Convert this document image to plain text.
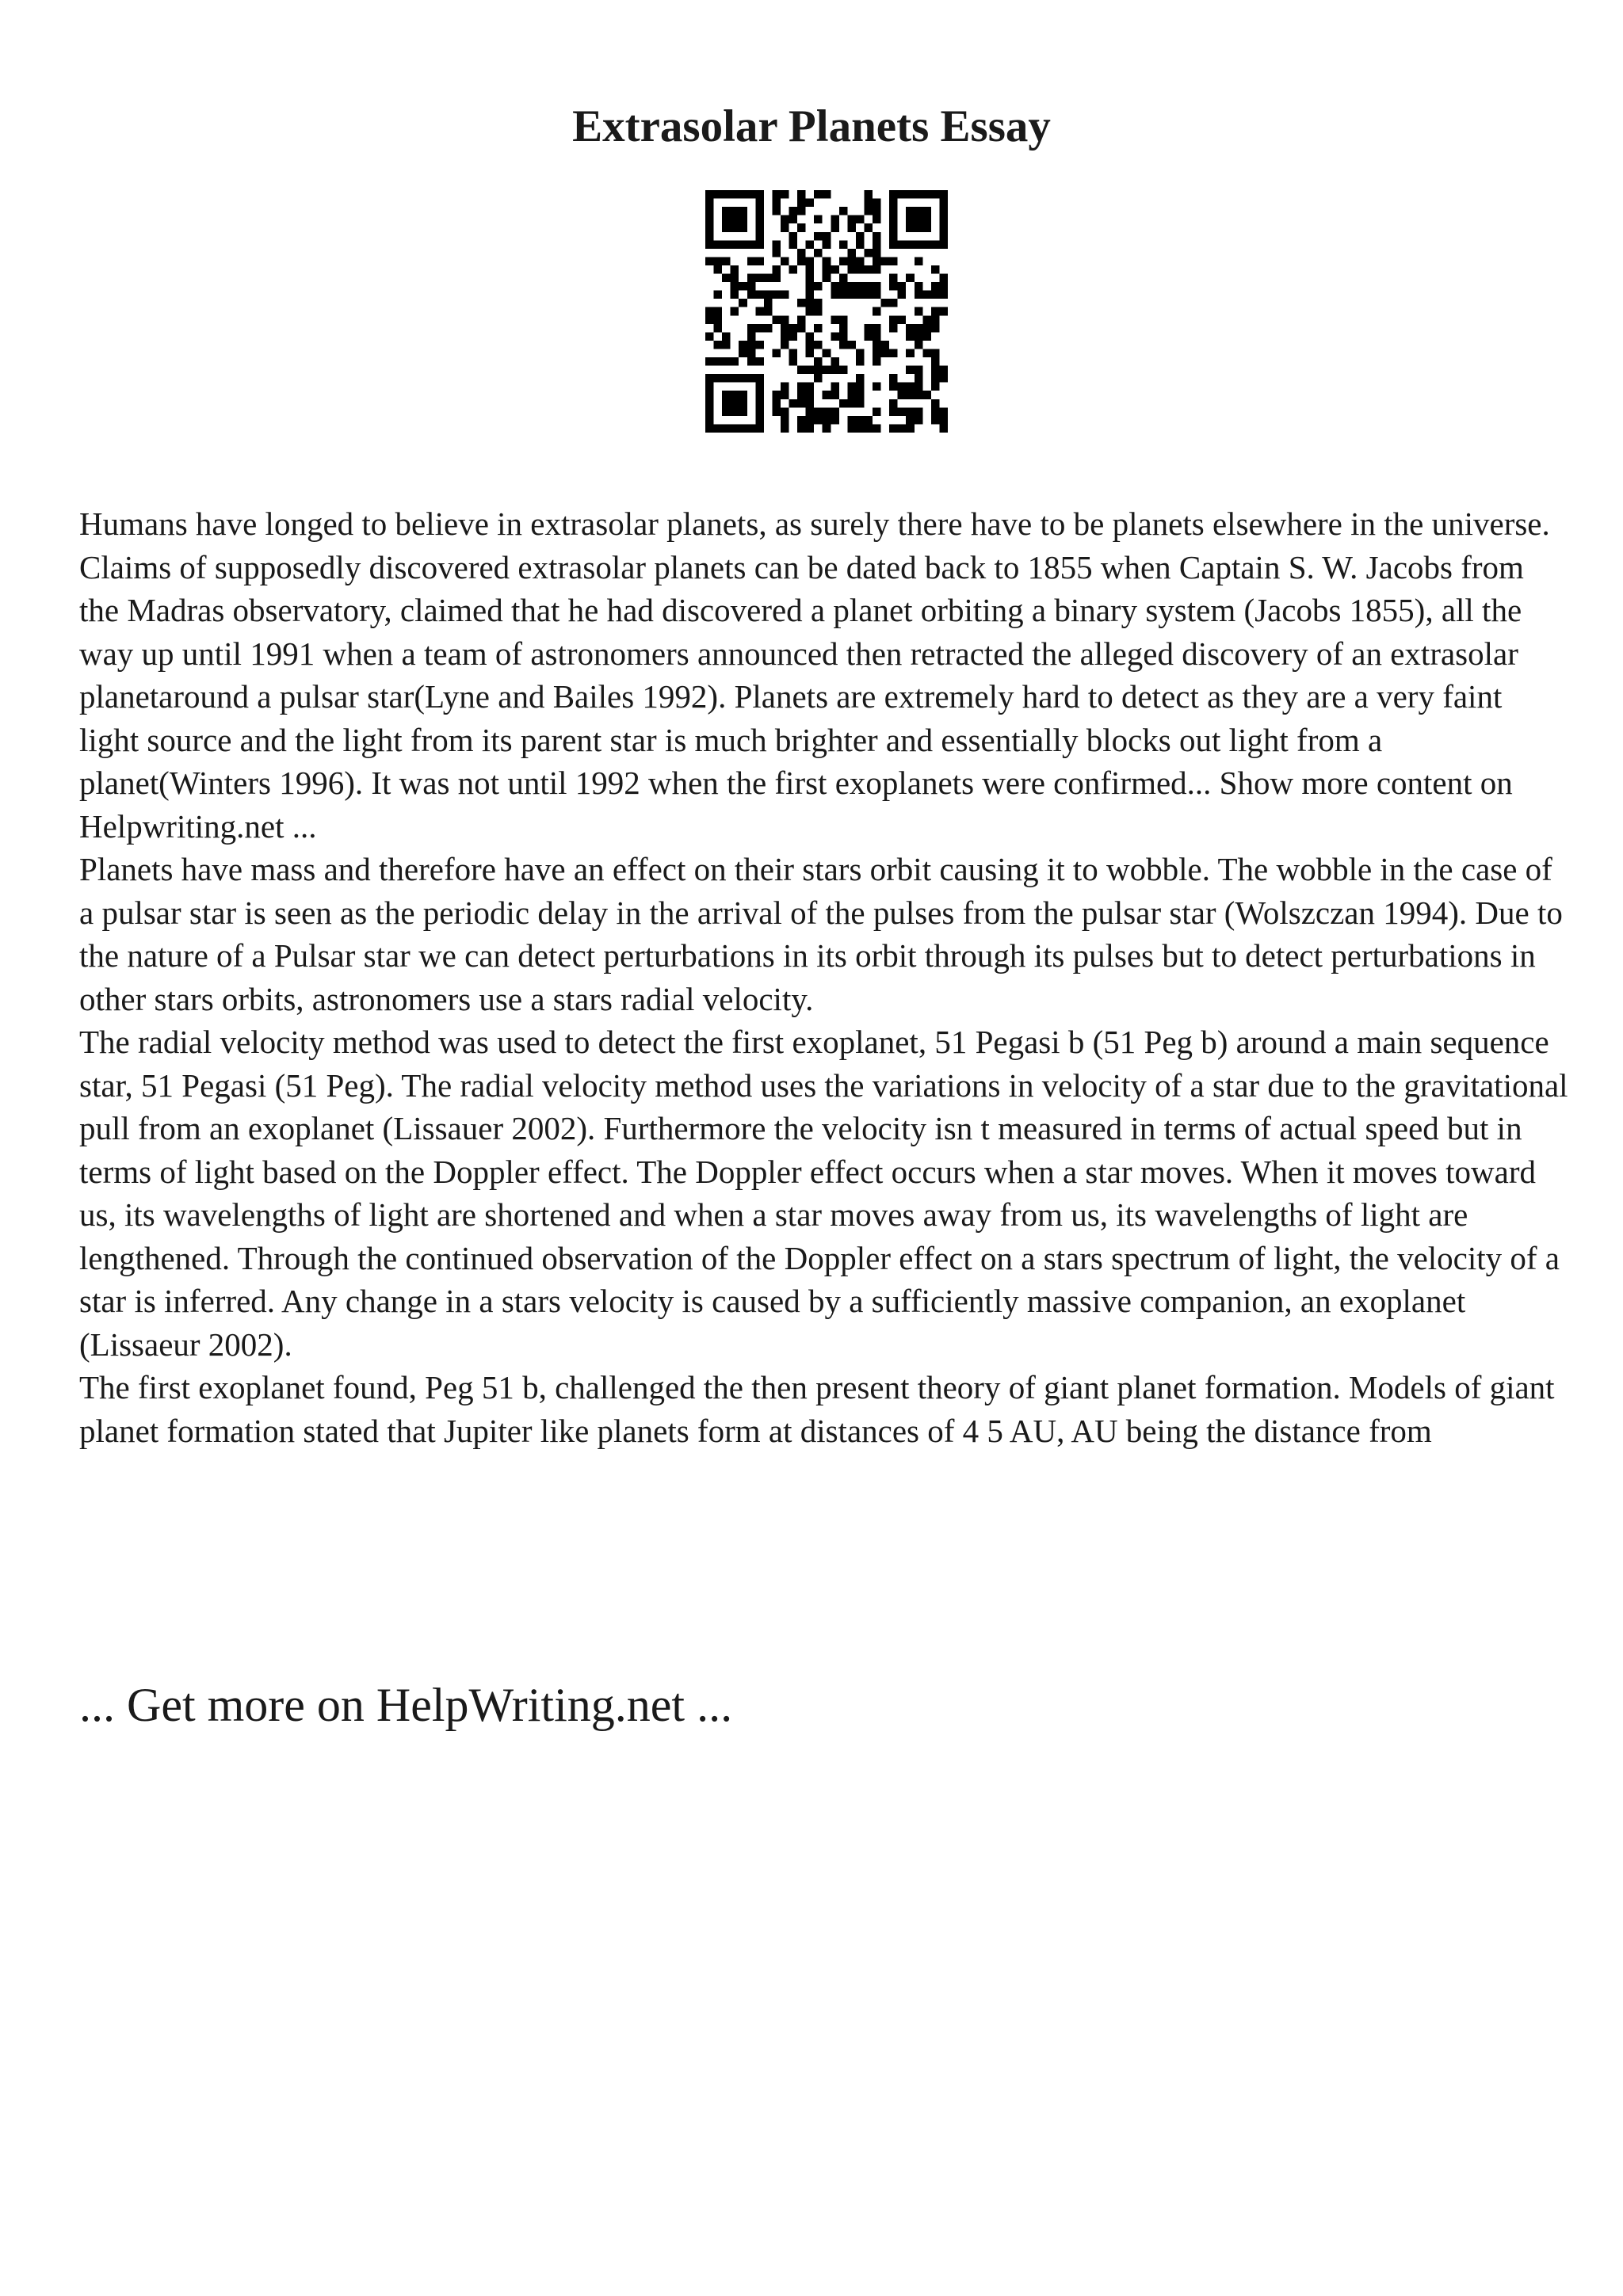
Extrasolar Planets Essay

Humans have longed to believe in extrasolar planets, as surely there have to be planets elsewhere in the universe. Claims of supposedly discovered extrasolar planets can be dated back to 1855 when Captain S. W. Jacobs from the Madras observatory, claimed that he had discovered a planet orbiting a binary system (Jacobs 1855), all the way up until 1991 when a team of astronomers announced then retracted the alleged discovery of an extrasolar planetaround a pulsar star(Lyne and Bailes 1992). Planets are extremely hard to detect as they are a very faint light source and the light from its parent star is much brighter and essentially blocks out light from a planet(Winters 1996). It was not until 1992 when the first exoplanets were confirmed... Show more content on Helpwriting.net ...

Planets have mass and therefore have an effect on their stars orbit causing it to wobble. The wobble in the case of a pulsar star is seen as the periodic delay in the arrival of the pulses from the pulsar star (Wolszczan 1994). Due to the nature of a Pulsar star we can detect perturbations in its orbit through its pulses but to detect perturbations in other stars orbits, astronomers use a stars radial velocity.

The radial velocity method was used to detect the first exoplanet, 51 Pegasi b (51 Peg b) around a main sequence star, 51 Pegasi (51 Peg). The radial velocity method uses the variations in velocity of a star due to the gravitational pull from an exoplanet (Lissauer 2002). Furthermore the velocity isn t measured in terms of actual speed but in terms of light based on the Doppler effect. The Doppler effect occurs when a star moves. When it moves toward us, its wavelengths of light are shortened and when a star moves away from us, its wavelengths of light are lengthened. Through the continued observation of the Doppler effect on a stars spectrum of light, the velocity of a star is inferred. Any change in a stars velocity is caused by a sufficiently massive companion, an exoplanet (Lissaeur 2002).

The first exoplanet found, Peg 51 b, challenged the then present theory of giant planet formation. Models of giant planet formation stated that Jupiter like planets form at distances of 4 5 AU, AU being the distance from

... Get more on HelpWriting.net ...
